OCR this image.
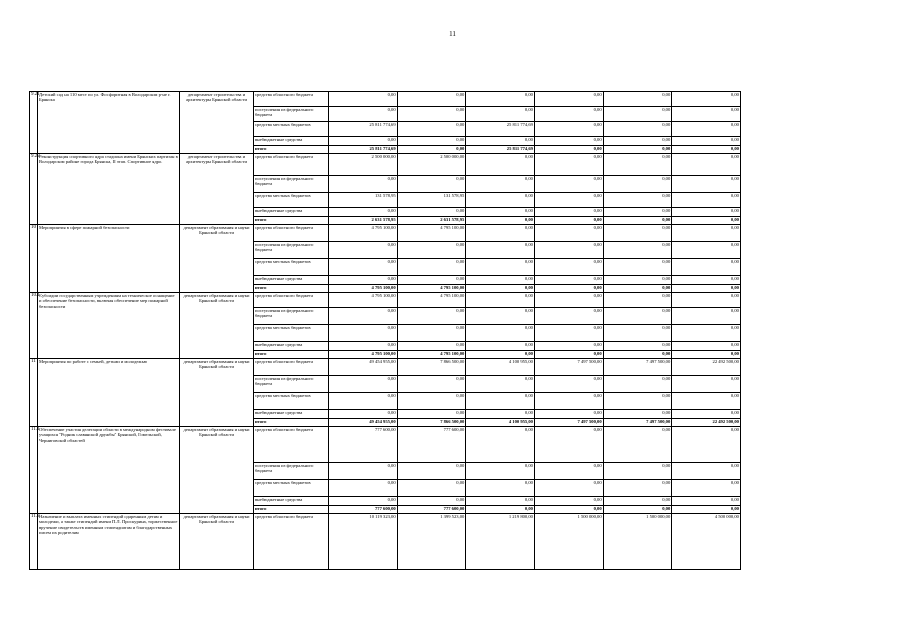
11
9.21	Детский сад на 110 мест по ул. Фосфоритная в Володарском р-не г. Брянска	департамент строительства и архитектуры Брянской области	средства областного бюджета	0,00	0,00	0,00	0,00	0,00	0,00
			поступления из федерального бюджета	0,00	0,00	0,00	0,00	0,00	0,00
			средства местных бюджетов	25 811 774,69	0,00	25 811 774,69	0,00	0,00	0,00
			внебюджетные средства	0,00	0,00	0,00	0,00	0,00	0,00
			итого	25 811 774,69	0,00	25 811 774,69	0,00	0,00	0,00
9.22	Реконструкция спортивного ядра стадиона имени Брянских партизан в Володарском районе города Брянска, II этап. Спортивное ядро.	департамент строительства и архитектуры Брянской области	средства областного бюджета	2 500 000,00	2 500 000,00	0,00	0,00	0,00	0,00
			поступления из федерального бюджета	0,00	0,00	0,00	0,00	0,00	0,00
			средства местных бюджетов	131 578,95	131 578,95	0,00	0,00	0,00	0,00
			внебюджетные средства	0,00	0,00	0,00	0,00	0,00	0,00
			итого	2 631 578,95	2 631 578,95	0,00	0,00	0,00	0,00
10	Мероприятия в сфере пожарной безопасности	департамент образования и науки Брянской области	средства областного бюджета	4 795 100,00	4 795 100,00	0,00	0,00	0,00	0,00
			поступления из федерального бюджета	0,00	0,00	0,00	0,00	0,00	0,00
			средства местных бюджетов	0,00	0,00	0,00	0,00	0,00	0,00
			внебюджетные средства	0,00	0,00	0,00	0,00	0,00	0,00
			итого	4 795 100,00	4 795 100,00	0,00	0,00	0,00	0,00
10.1.	Субсидии государственным учреждениям на техническое оснащение и обеспечение безопасности, включая обеспечение мер пожарной безопасности	департамент образования и науки Брянской области	средства областного бюджета	4 795 100,00	4 795 100,00	0,00	0,00	0,00	0,00
			поступления из федерального бюджета	0,00	0,00	0,00	0,00	0,00	0,00
			средства местных бюджетов	0,00	0,00	0,00	0,00	0,00	0,00
			внебюджетные средства	0,00	0,00	0,00	0,00	0,00	0,00
			итого	4 795 100,00	4 795 100,00	0,00	0,00	0,00	0,00
11	Мероприятия по работе с семьей, детьми и молодежью	департамент образования и науки Брянской области	средства областного бюджета	49 454 955,00	7 866 500,00	4 100 955,00	7 497 500,00	7 497 500,00	22 492 500,00
			поступления из федерального бюджета	0,00	0,00	0,00	0,00	0,00	0,00
			средства местных бюджетов	0,00	0,00	0,00	0,00	0,00	0,00
			внебюджетные средства	0,00	0,00	0,00	0,00	0,00	0,00
			итого	49 454 955,00	7 866 500,00	4 100 955,00	7 497 500,00	7 497 500,00	22 492 500,00
11.1	Обеспечение участия делегации области в международном фестивале учащихся "Родник славянской дружбы" Брянской, Гомельской, Черниговской областей	департамент образования и науки Брянской области	средства областного бюджета	777 600,00	777 600,00	0,00	0,00	0,00	0,00
			поступления из федерального бюджета	0,00	0,00	0,00	0,00	0,00	0,00
			средства местных бюджетов	0,00	0,00	0,00	0,00	0,00	0,00
			внебюджетные средства	0,00	0,00	0,00	0,00	0,00	0,00
			итого	777 600,00	777 600,00	0,00	0,00	0,00	0,00
11.2	Назначение и выплата именных стипендий одаренным детям и молодежи, а также стипендий имени П.Л. Проскурина, торжественное вручение свидетельств именным стипендиатам и благодарственных писем их родителям	департамент образования и науки Брянской области	средства областного бюджета	10 119 323,00	1 399 523,00	1 219 800,00	1 500 000,00	1 500 000,00	4 500 000,00
